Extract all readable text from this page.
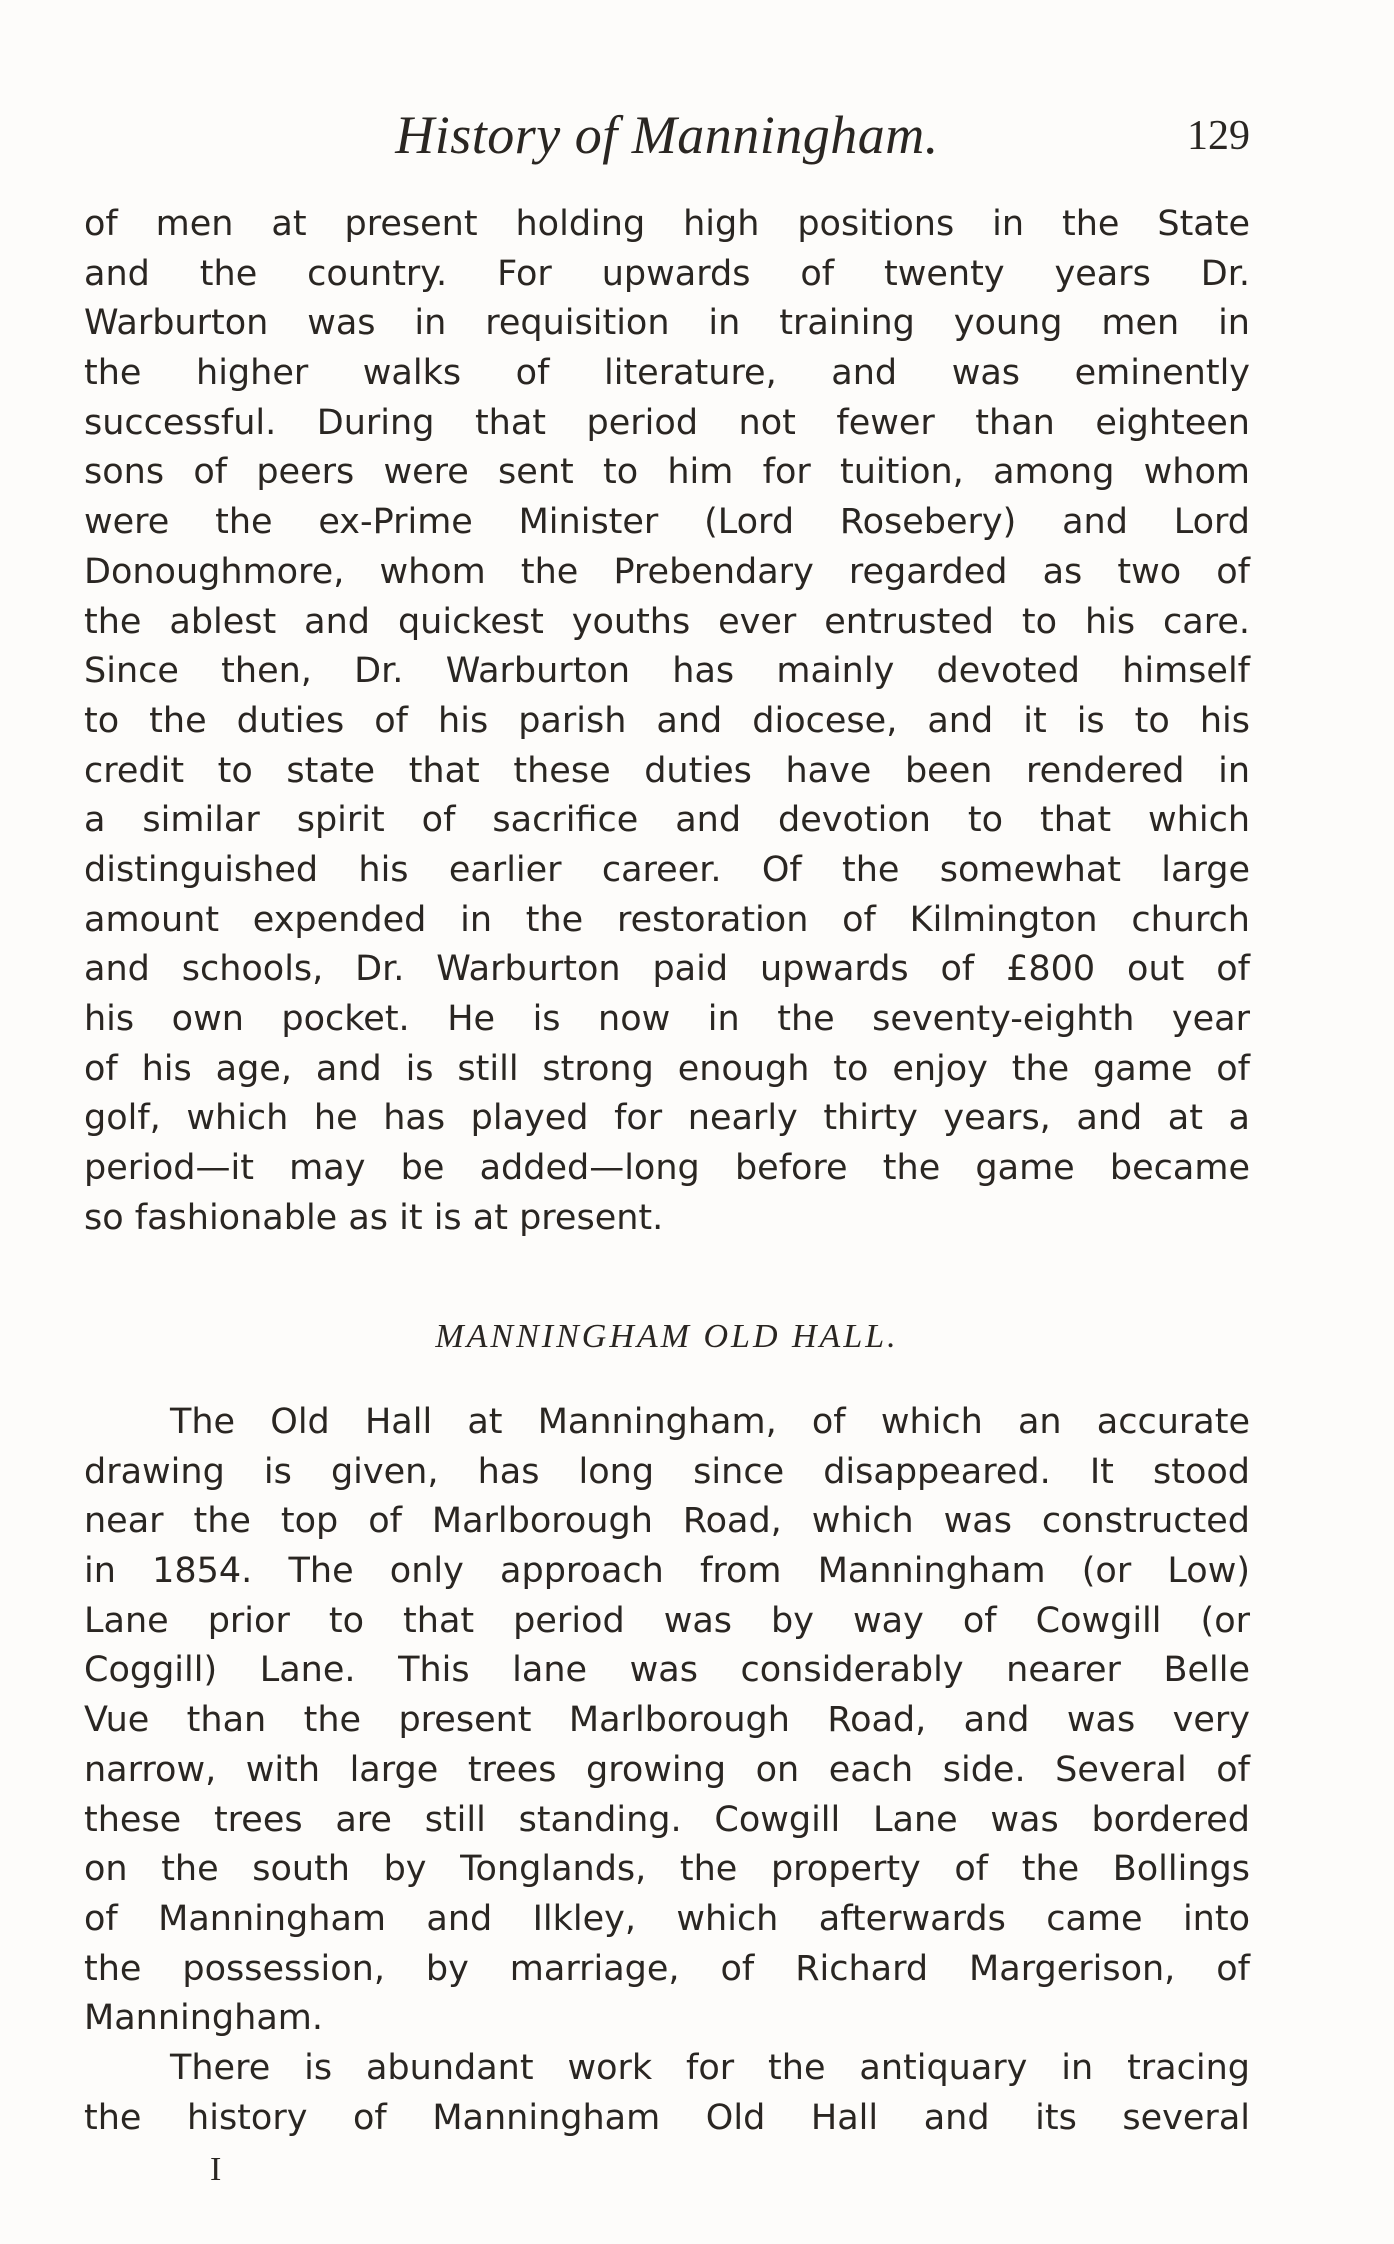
History of Manningham.	129
of men at present holding high positions in the State
and the country. For upwards of twenty years Dr.
Warburton was in requisition in training young men in
the higher walks of literature, and was eminently
successful. During that period not fewer than eighteen
sons of peers were sent to him for tuition, among whom
were the ex-Prime Minister (Lord Rosebery) and Lord
Donoughmore, whom the Prebendary regarded as two of
the ablest and quickest youths ever entrusted to his care.
Since then, Dr. Warburton has mainly devoted himself
to the duties of his parish and diocese, and it is to his
credit to state that these duties have been rendered in
a similar spirit of sacrifice and devotion to that which
distinguished his earlier career. Of the somewhat large
amount expended in the restoration of Kilmington church
and schools, Dr. Warburton paid upwards of £800 out of
his own pocket. He is now in the seventy-eighth year
of his age, and is still strong enough to enjoy the game of
golf, which he has played for nearly thirty years, and at a
period—it may be added—long before the game became
so fashionable as it is at present.
MANNINGHAM OLD HALL.
The Old Hall at Manningham, of which an accurate
drawing is given, has long since disappeared. It stood
near the top of Marlborough Road, which was constructed
in 1854. The only approach from Manningham (or Low)
Lane prior to that period was by way of Cowgill (or
Coggill) Lane. This lane was considerably nearer Belle
Vue than the present Marlborough Road, and was very
narrow, with large trees growing on each side. Several of
these trees are still standing. Cowgill Lane was bordered
on the south by Tonglands, the property of the Bollings
of Manningham and Ilkley, which afterwards came into
the possession, by marriage, of Richard Margerison, of
Manningham.
There is abundant work for the antiquary in tracing
the history of Manningham Old Hall and its several
I
